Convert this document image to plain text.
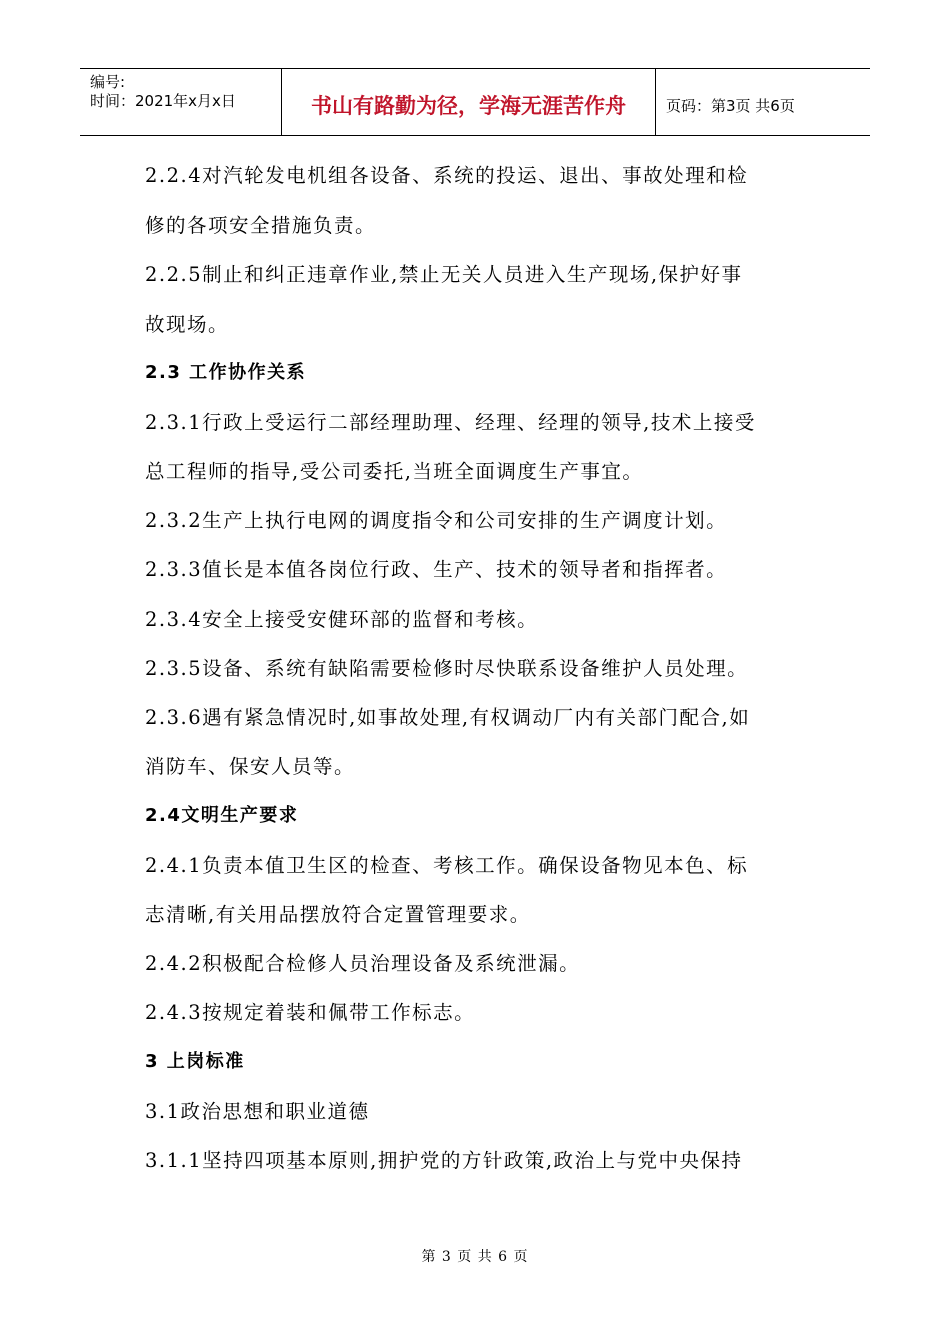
编号:
时间：2021年x月x日	书山有路勤为径，学海无涯苦作舟	页码：第3页 共6页
2.2.4对汽轮发电机组各设备、系统的投运、退出、事故处理和检
修的各项安全措施负责。
2.2.5制止和纠正违章作业,禁止无关人员进入生产现场,保护好事
故现场。
2.3 工作协作关系
2.3.1行政上受运行二部经理助理、经理、经理的领导,技术上接受
总工程师的指导,受公司委托,当班全面调度生产事宜。
2.3.2生产上执行电网的调度指令和公司安排的生产调度计划。
2.3.3值长是本值各岗位行政、生产、技术的领导者和指挥者。
2.3.4安全上接受安健环部的监督和考核。
2.3.5设备、系统有缺陷需要检修时尽快联系设备维护人员处理。
2.3.6遇有紧急情况时,如事故处理,有权调动厂内有关部门配合,如
消防车、保安人员等。
2.4文明生产要求
2.4.1负责本值卫生区的检查、考核工作。确保设备物见本色、标
志清晰,有关用品摆放符合定置管理要求。
2.4.2积极配合检修人员治理设备及系统泄漏。
2.4.3按规定着装和佩带工作标志。
3 上岗标准
3.1政治思想和职业道德
3.1.1坚持四项基本原则,拥护党的方针政策,政治上与党中央保持
第 3 页 共 6 页
